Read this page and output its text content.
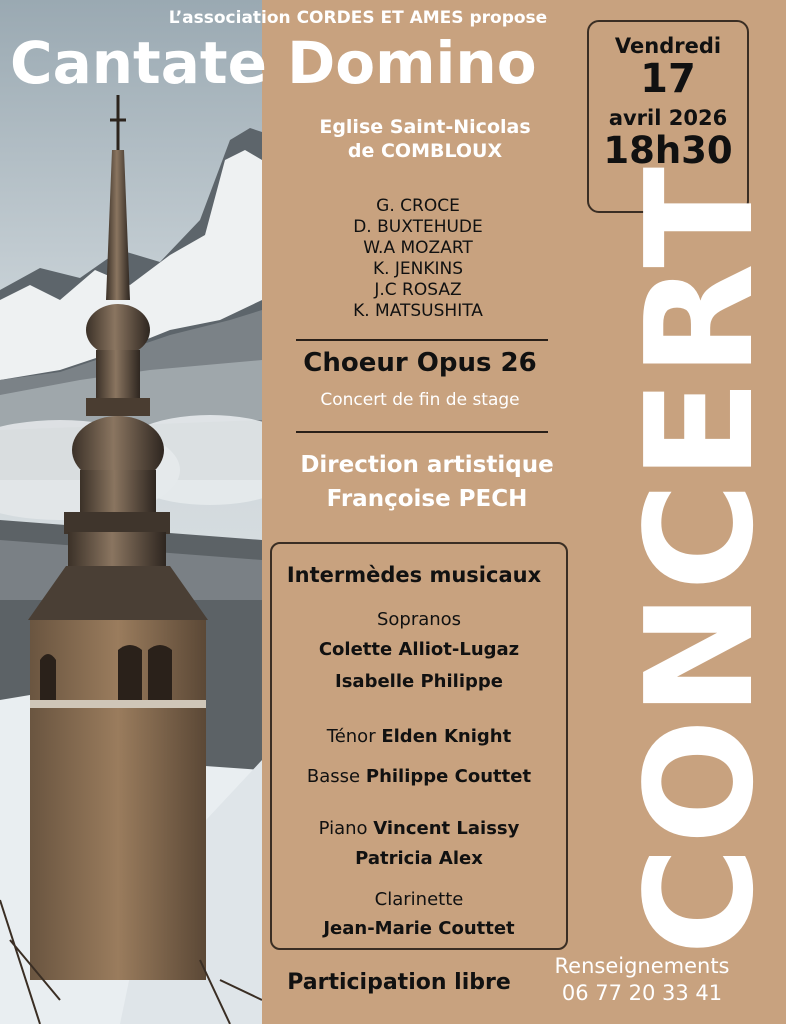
L’association CORDES ET AMES propose
Cantate Domino	Vendredi
17
avril 2026
18h30
Eglise Saint-Nicolas
de COMBLOUX
G. CROCE
D. BUXTEHUDE
W.A MOZART
K. JENKINS
J.C ROSAZ
K. MATSUSHITA
Choeur Opus 26
Concert de fin de stage
Direction artistique
Françoise PECH
Intermèdes musicaux
Sopranos
Colette Alliot-Lugaz
Isabelle Philippe
Ténor Elden Knight
Basse Philippe Couttet
Piano Vincent Laissy
Patricia Alex
Clarinette
Jean-Marie Couttet
Participation libre
Renseignements
06 77 20 33 41
CONCERT
